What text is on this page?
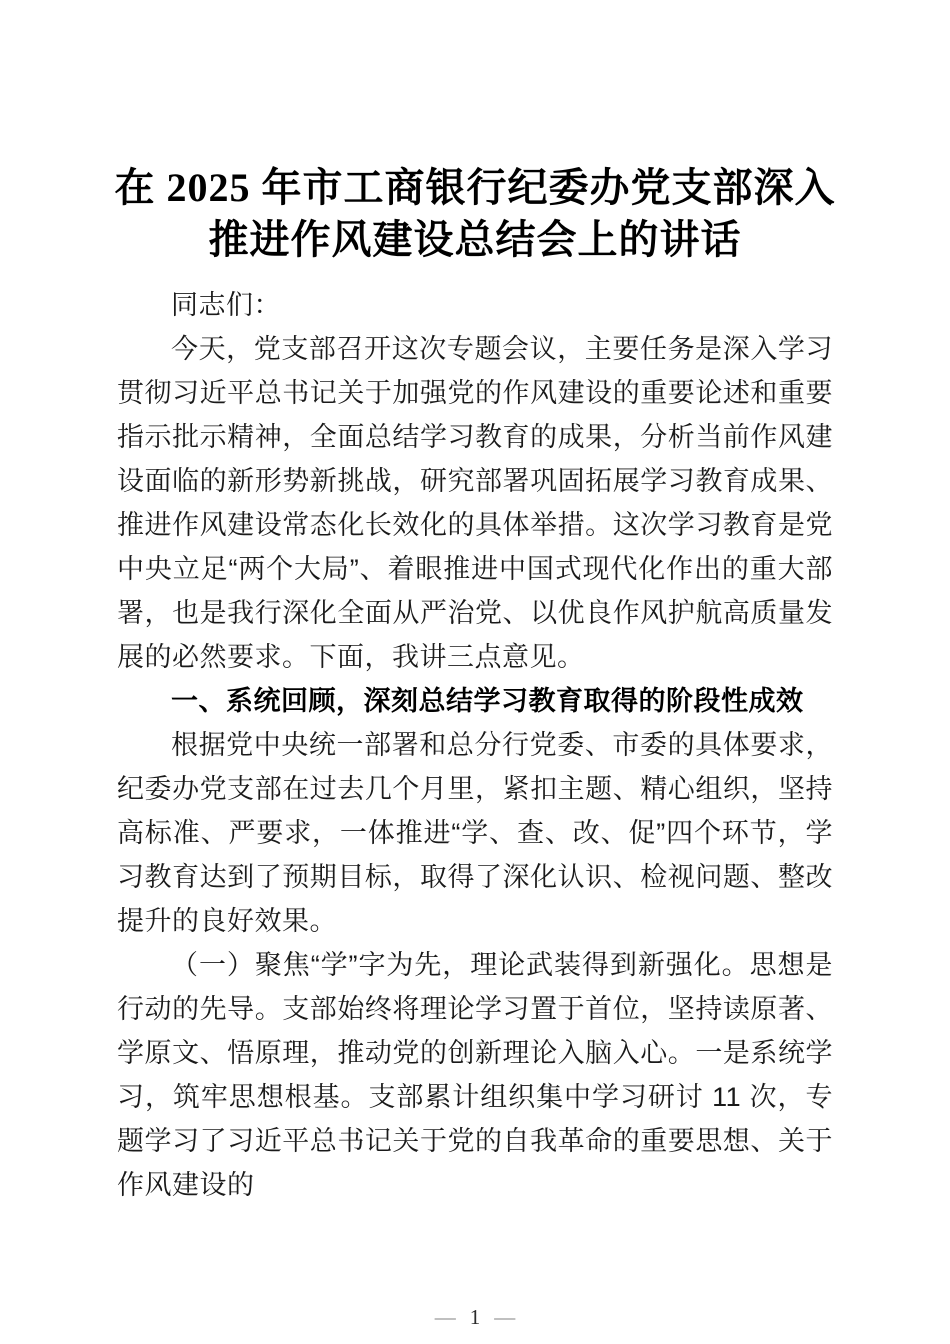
在 2025 年市工商银行纪委办党支部深入推进作风建设总结会上的讲话

同志们：

今天，党支部召开这次专题会议，主要任务是深入学习贯彻习近平总书记关于加强党的作风建设的重要论述和重要指示批示精神，全面总结学习教育的成果，分析当前作风建设面临的新形势新挑战，研究部署巩固拓展学习教育成果、推进作风建设常态化长效化的具体举措。这次学习教育是党中央立足“两个大局”、着眼推进中国式现代化作出的重大部署，也是我行深化全面从严治党、以优良作风护航高质量发展的必然要求。下面，我讲三点意见。

一、系统回顾，深刻总结学习教育取得的阶段性成效

根据党中央统一部署和总分行党委、市委的具体要求，纪委办党支部在过去几个月里，紧扣主题、精心组织，坚持高标准、严要求，一体推进“学、查、改、促”四个环节，学习教育达到了预期目标，取得了深化认识、检视问题、整改提升的良好效果。

（一）聚焦“学”字为先，理论武装得到新强化。思想是行动的先导。支部始终将理论学习置于首位，坚持读原著、学原文、悟原理，推动党的创新理论入脑入心。一是系统学习，筑牢思想根基。支部累计组织集中学习研讨 11 次，专题学习了习近平总书记关于党的自我革命的重要思想、关于作风建设的

— 1 —
